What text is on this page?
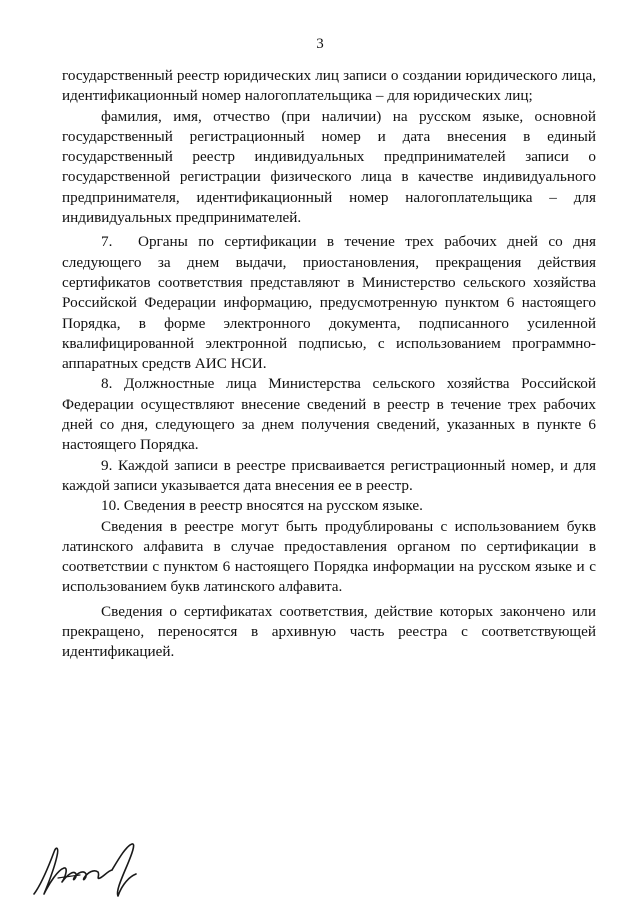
3

государственный реестр юридических лиц записи о создании юридического лица, идентификационный номер налогоплательщика – для юридических лиц;

фамилия, имя, отчество (при наличии) на русском языке, основной государственный регистрационный номер и дата внесения в единый государственный реестр индивидуальных предпринимателей записи о государственной регистрации физического лица в качестве индивидуального предпринимателя, идентификационный номер налогоплательщика – для индивидуальных предпринимателей.

7.  Органы по сертификации в течение трех рабочих дней со дня следующего за днем выдачи, приостановления, прекращения действия сертификатов соответствия представляют в Министерство сельского хозяйства Российской Федерации информацию, предусмотренную пунктом 6 настоящего Порядка, в форме электронного документа, подписанного усиленной квалифицированной электронной подписью, с использованием программно-аппаратных средств АИС НСИ.

8. Должностные лица Министерства сельского хозяйства Российской Федерации осуществляют внесение сведений в реестр в течение трех рабочих дней со дня, следующего за днем получения сведений, указанных в пункте 6 настоящего Порядка.

9. Каждой записи в реестре присваивается регистрационный номер, и для каждой записи указывается дата внесения ее в реестр.

10. Сведения в реестр вносятся на русском языке.

Сведения в реестре могут быть продублированы с использованием букв латинского алфавита в случае предоставления органом по сертификации в соответствии с пунктом 6 настоящего Порядка информации на русском языке и с использованием букв латинского алфавита.

Сведения о сертификатах соответствия, действие которых закончено или прекращено, переносятся в архивную часть реестра с соответствующей идентификацией.
